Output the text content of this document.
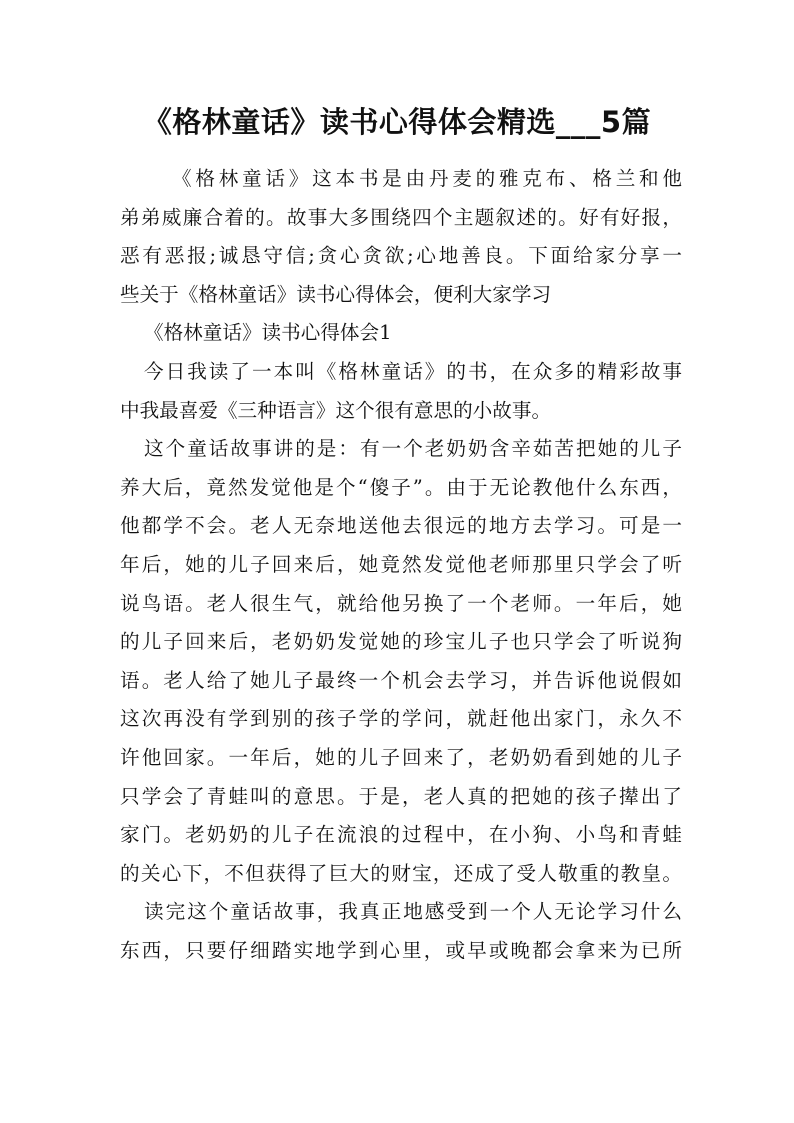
《格林童话》读书心得体会精选___5篇
《格林童话》这本书是由丹麦的雅克布、格兰和他
弟弟威廉合着的。故事大多围绕四个主题叙述的。好有好报，
恶有恶报;诚恳守信;贪心贪欲;心地善良。下面给家分享一
些关于《格林童话》读书心得体会，便利大家学习
《格林童话》读书心得体会1
今日我读了一本叫《格林童话》的书，在众多的精彩故事
中我最喜爱《三种语言》这个很有意思的小故事。
这个童话故事讲的是：有一个老奶奶含辛茹苦把她的儿子
养大后，竟然发觉他是个“傻子”。由于无论教他什么东西，
他都学不会。老人无奈地送他去很远的地方去学习。可是一
年后，她的儿子回来后，她竟然发觉他老师那里只学会了听
说鸟语。老人很生气，就给他另换了一个老师。一年后，她
的儿子回来后，老奶奶发觉她的珍宝儿子也只学会了听说狗
语。老人给了她儿子最终一个机会去学习，并告诉他说假如
这次再没有学到别的孩子学的学问，就赶他出家门，永久不
许他回家。一年后，她的儿子回来了，老奶奶看到她的儿子
只学会了青蛙叫的意思。于是，老人真的把她的孩子撵出了
家门。老奶奶的儿子在流浪的过程中，在小狗、小鸟和青蛙
的关心下，不但获得了巨大的财宝，还成了受人敬重的教皇。
读完这个童话故事，我真正地感受到一个人无论学习什么
东西，只要仔细踏实地学到心里，或早或晚都会拿来为已所
